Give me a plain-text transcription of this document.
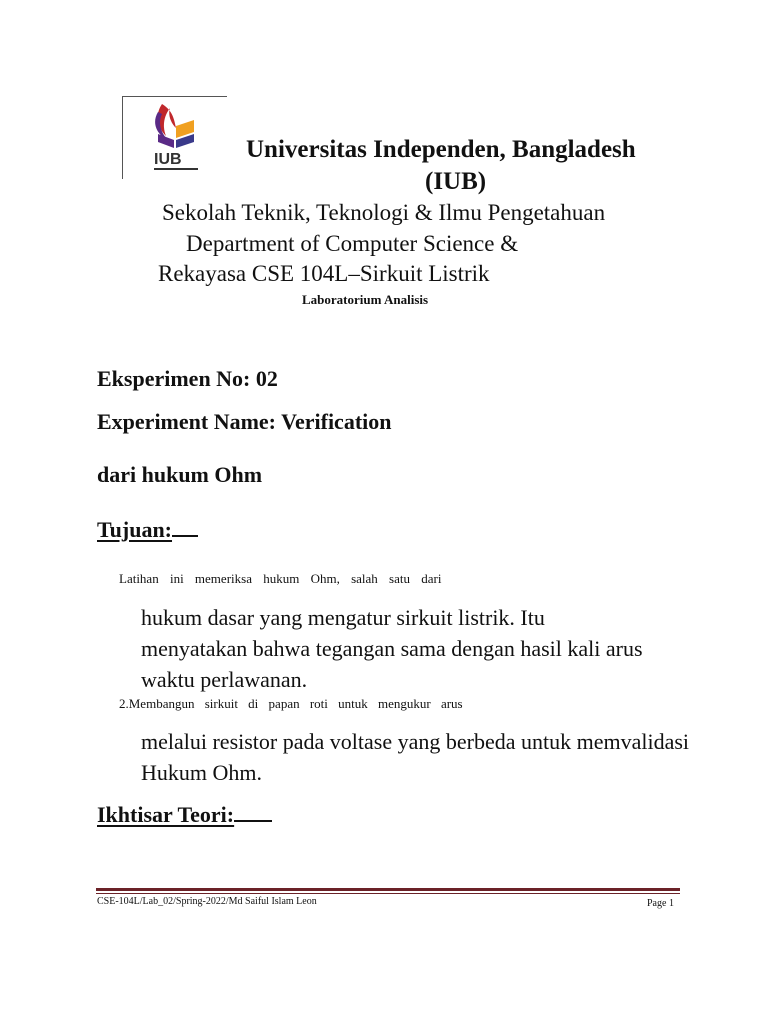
IUB	Universitas Independen, Bangladesh
(IUB)
Sekolah Teknik, Teknologi & Ilmu Pengetahuan
Department of Computer Science &
Rekayasa CSE 104L–Sirkuit Listrik
Laboratorium Analisis
Eksperimen No: 02
Experiment Name: Verification
dari hukum Ohm
Tujuan:
Latihan ini memeriksa hukum Ohm, salah satu dari
hukum dasar yang mengatur sirkuit listrik. Itu
menyatakan bahwa tegangan sama dengan hasil kali arus
waktu perlawanan.
2.Membangun sirkuit di papan roti untuk mengukur arus
melalui resistor pada voltase yang berbeda untuk memvalidasi
Hukum Ohm.
Ikhtisar Teori:
CSE-104L/Lab_02/Spring-2022/Md Saiful Islam Leon	Page 1
